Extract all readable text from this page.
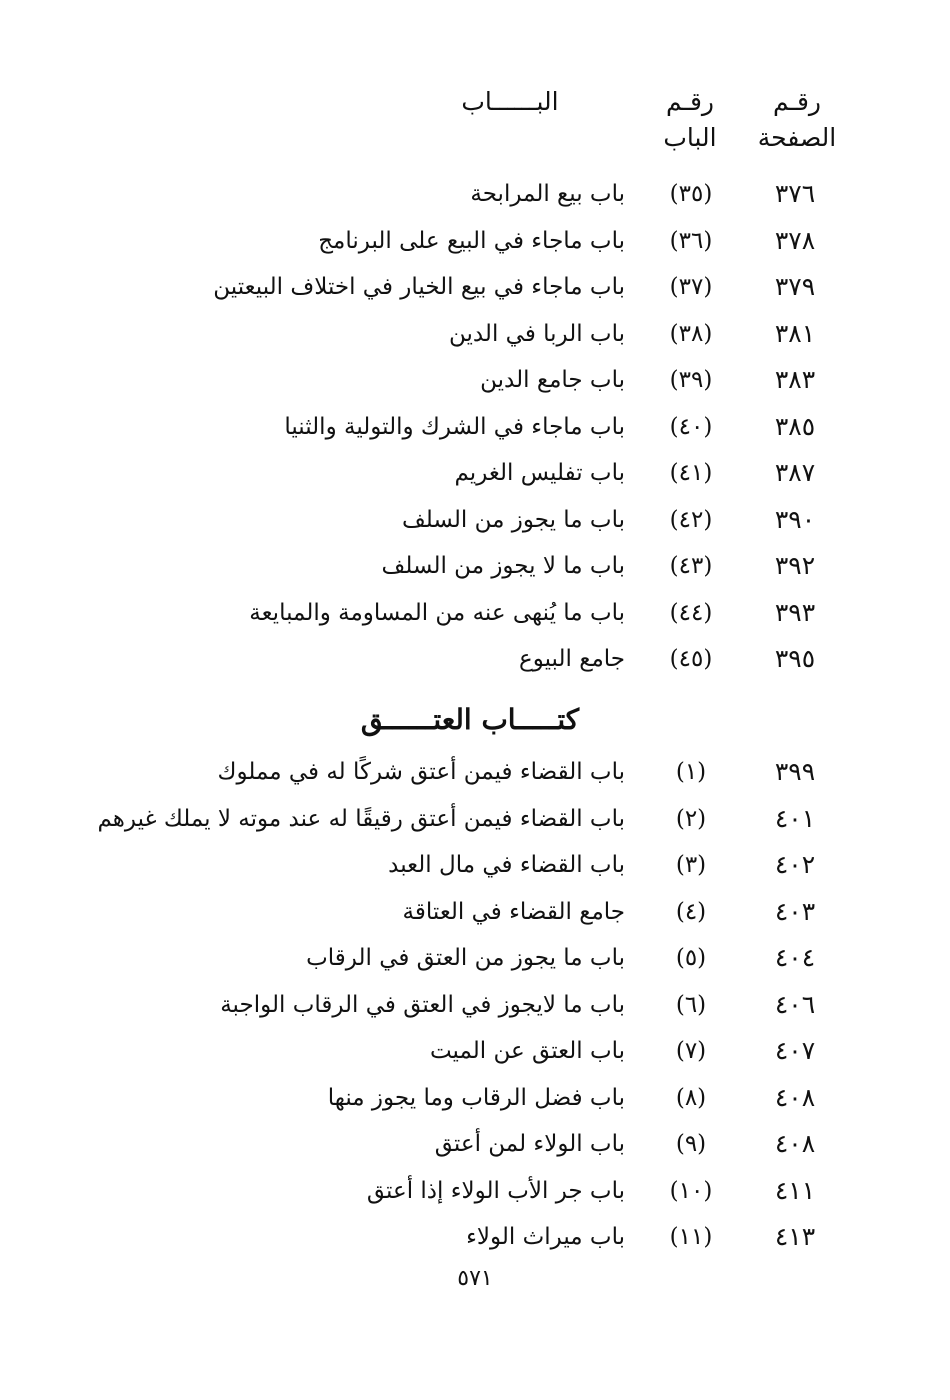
رقـم
الصفحة
رقـم
الباب
البــــــاب
٣٧٦
(٣٥)
باب بيع المرابحة
٣٧٨
(٣٦)
باب ماجاء في البيع على البرنامج
٣٧٩
(٣٧)
باب ماجاء في بيع الخيار في اختلاف البيعتين
٣٨١
(٣٨)
باب الربا في الدين
٣٨٣
(٣٩)
باب جامع الدين
٣٨٥
(٤٠)
باب ماجاء في الشرك والتولية والثنيا
٣٨٧
(٤١)
باب تفليس الغريم
٣٩٠
(٤٢)
باب ما يجوز من السلف
٣٩٢
(٤٣)
باب ما لا يجوز من السلف
٣٩٣
(٤٤)
باب ما يُنهى عنه من المساومة والمبايعة
٣٩٥
(٤٥)
جامع البيوع
كتـــــاب العتــــــق
٣٩٩
(١)
باب القضاء فيمن أعتق شركًا له في مملوك
٤٠١
(٢)
باب القضاء فيمن أعتق رقيقًا له عند موته لا يملك غيرهم
٤٠٢
(٣)
باب القضاء في مال العبد
٤٠٣
(٤)
جامع القضاء في العتاقة
٤٠٤
(٥)
باب ما يجوز من العتق في الرقاب
٤٠٦
(٦)
باب ما لايجوز في العتق في الرقاب الواجبة
٤٠٧
(٧)
باب العتق عن الميت
٤٠٨
(٨)
باب فضل الرقاب وما يجوز منها
٤٠٨
(٩)
باب الولاء لمن أعتق
٤١١
(١٠)
باب جر الأب الولاء إذا أعتق
٤١٣
(١١)
باب ميراث الولاء
٥٧١
